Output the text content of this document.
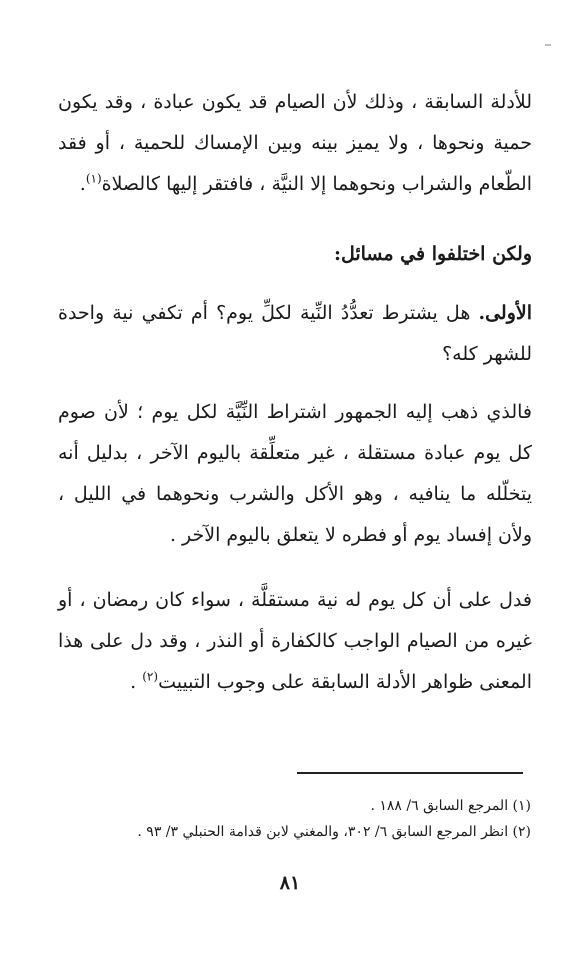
للأدلة السابقة ، وذلك لأن الصيام قد يكون عبادة ، وقد يكون حمية ونحوها ، ولا يميز بينه وبين الإمساك للحمية ، أو فقد الطّعام والشراب ونحوهما إلا النيَّة ، فافتقر إليها كالصلاة$^{(١)}$.

ولكن اختلفوا في مسائل:

الأولى. هل يشترط تعدُّدُ النِّية لكلِّ يوم؟ أم تكفي نية واحدة للشهر كله؟

فالذي ذهب إليه الجمهور اشتراط النِّيَّة لكل يوم ؛ لأن صوم كل يوم عبادة مستقلة ، غير متعلِّقة باليوم الآخر ، بدليل أنه يتخلّله ما ينافيه ، وهو الأكل والشرب ونحوهما في الليل ، ولأن إفساد يوم أو فطره لا يتعلق باليوم الآخر .

فدل على أن كل يوم له نية مستقلَّة ، سواء كان رمضان ، أو غيره من الصيام الواجب كالكفارة أو النذر ، وقد دل على هذا المعنى ظواهر الأدلة السابقة على وجوب التبييت$^{(٢)}$ .

(١) المرجع السابق ٦/ ١٨٨ .
(٢) انظر المرجع السابق ٦/ ٣٠٢، والمغني لابن قدامة الحنبلي ٣/ ٩٣ .
٨١
